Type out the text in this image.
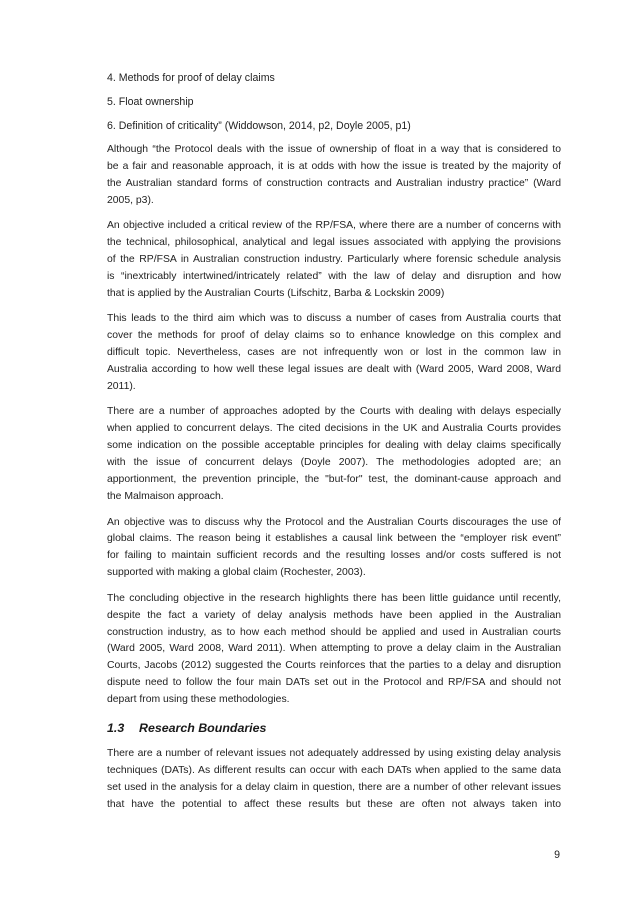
4. Methods for proof of delay claims
5. Float ownership
6. Definition of criticality” (Widdowson, 2014, p2, Doyle 2005, p1)
Although “the Protocol deals with the issue of ownership of float in a way that is considered to
be a fair and reasonable approach, it is at odds with how the issue is treated by the majority of
the Australian standard forms of construction contracts and Australian industry practice” (Ward
2005, p3).
An objective included a critical review of the RP/FSA, where there are a number of concerns with
the technical, philosophical, analytical and legal issues associated with applying the provisions
of the RP/FSA in Australian construction industry. Particularly where forensic schedule analysis
is “inextricably intertwined/intricately related” with the law of delay and disruption and how
that is applied by the Australian Courts (Lifschitz, Barba & Lockskin 2009)
This leads to the third aim which was to discuss a number of cases from Australia courts that
cover the methods for proof of delay claims so to enhance knowledge on this complex and
difficult topic. Nevertheless, cases are not infrequently won or lost in the common law in
Australia according to how well these legal issues are dealt with (Ward 2005, Ward 2008, Ward
2011).
There are a number of approaches adopted by the Courts with dealing with delays especially
when applied to concurrent delays. The cited decisions in the UK and Australia Courts provides
some indication on the possible acceptable principles for dealing with delay claims specifically
with the issue of concurrent delays (Doyle 2007). The methodologies adopted are; an
apportionment, the prevention principle, the "but-for" test, the dominant-cause approach and
the Malmaison approach.
An objective was to discuss why the Protocol and the Australian Courts discourages the use of
global claims. The reason being it establishes a causal link between the “employer risk event”
for failing to maintain sufficient records and the resulting losses and/or costs suffered is not
supported with making a global claim (Rochester, 2003).
The concluding objective in the research highlights there has been little guidance until recently,
despite the fact a variety of delay analysis methods have been applied in the Australian
construction industry, as to how each method should be applied and used in Australian courts
(Ward 2005, Ward 2008, Ward 2011). When attempting to prove a delay claim in the Australian
Courts, Jacobs (2012) suggested the Courts reinforces that the parties to a delay and disruption
dispute need to follow the four main DATs set out in the Protocol and RP/FSA and should not
depart from using these methodologies.
1.3 Research Boundaries
There are a number of relevant issues not adequately addressed by using existing delay analysis
techniques (DATs). As different results can occur with each DATs when applied to the same data
set used in the analysis for a delay claim in question, there are a number of other relevant issues
that have the potential to affect these results but these are often not always taken into
9
